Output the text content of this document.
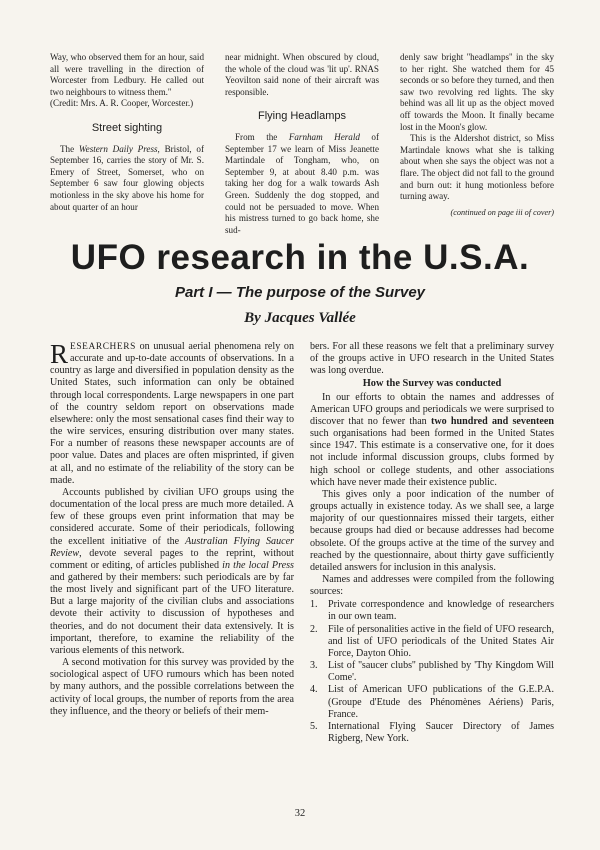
Way, who observed them for an hour, said all were travelling in the direction of Worcester from Ledbury. He called out two neighbours to witness them.''

(Credit: Mrs. A. R. Cooper, Worcester.)

Street sighting

The Western Daily Press, Bristol, of September 16, carries the story of Mr. S. Emery of Street, Somerset, who on September 6 saw four glowing objects motionless in the sky above his home for about quarter of an hour

near midnight. When obscured by cloud, the whole of the cloud was 'lit up'. RNAS Yeovilton said none of their aircraft was responsible.

Flying Headlamps

From the Farnham Herald of September 17 we learn of Miss Jeanette Martindale of Tongham, who, on September 9, at about 8.40 p.m. was taking her dog for a walk towards Ash Green. Suddenly the dog stopped, and could not be persuaded to move. When his mistress turned to go back home, she sud-

denly saw bright ''headlamps'' in the sky to her right. She watched them for 45 seconds or so before they turned, and then saw two revolving red lights. The sky behind was all lit up as the object moved off towards the Moon. It finally became lost in the Moon's glow.

This is the Aldershot district, so Miss Martindale knows what she is talking about when she says the object was not a flare. The object did not fall to the ground and burn out: it hung motionless before turning away.

(continued on page iii of cover)

UFO research in the U.S.A.
Part I — The purpose of the Survey
By Jacques Vallée

RESEARCHERS on unusual aerial phenomena rely on accurate and up-to-date accounts of observations. In a country as large and diversified in population density as the United States, such information can only be obtained through local correspondents. Large newspapers in one part of the country seldom report on observations made elsewhere: only the most sensational cases find their way to the wire services, ensuring distribution over many states. For a number of reasons these newspaper accounts are of poor value. Dates and places are often misprinted, if given at all, and no estimate of the reliability of the story can be made.

Accounts published by civilian UFO groups using the documentation of the local press are much more detailed. A few of these groups even print information that may be considered accurate. Some of their periodicals, following the excellent initiative of the Australian Flying Saucer Review, devote several pages to the reprint, without comment or editing, of articles published in the local Press and gathered by their members: such periodicals are by far the most lively and significant part of the UFO literature. But a large majority of the civilian clubs and associations devote their activity to discussion of hypotheses and theories, and do not document their data extensively. It is important, therefore, to examine the reliability of the various elements of this network.

A second motivation for this survey was provided by the sociological aspect of UFO rumours which has been noted by many authors, and the possible correlations between the activity of local groups, the number of reports from the area they influence, and the theory or beliefs of their mem-

bers. For all these reasons we felt that a preliminary survey of the groups active in UFO research in the United States was long overdue.

How the Survey was conducted

In our efforts to obtain the names and addresses of American UFO groups and periodicals we were surprised to discover that no fewer than two hundred and seventeen such organisations had been formed in the United States since 1947. This estimate is a conservative one, for it does not include informal discussion groups, clubs formed by high school or college students, and other associations which have never made their existence public.

This gives only a poor indication of the number of groups actually in existence today. As we shall see, a large majority of our questionnaires missed their targets, either because groups had died or because addresses had become obsolete. Of the groups active at the time of the survey and reached by the questionnaire, about thirty gave sufficiently detailed answers for inclusion in this analysis.

Names and addresses were compiled from the following sources:

1.	Private correspondence and knowledge of researchers in our own team.
2.	File of personalities active in the field of UFO research, and list of UFO periodicals of the United States Air Force, Dayton Ohio.
3.	List of ''saucer clubs'' published by 'Thy Kingdom Will Come'.
4.	List of American UFO publications of the G.E.P.A. (Groupe d'Etude des Phénomènes Aériens) Paris, France.
5.	International Flying Saucer Directory of James Rigberg, New York.
32
